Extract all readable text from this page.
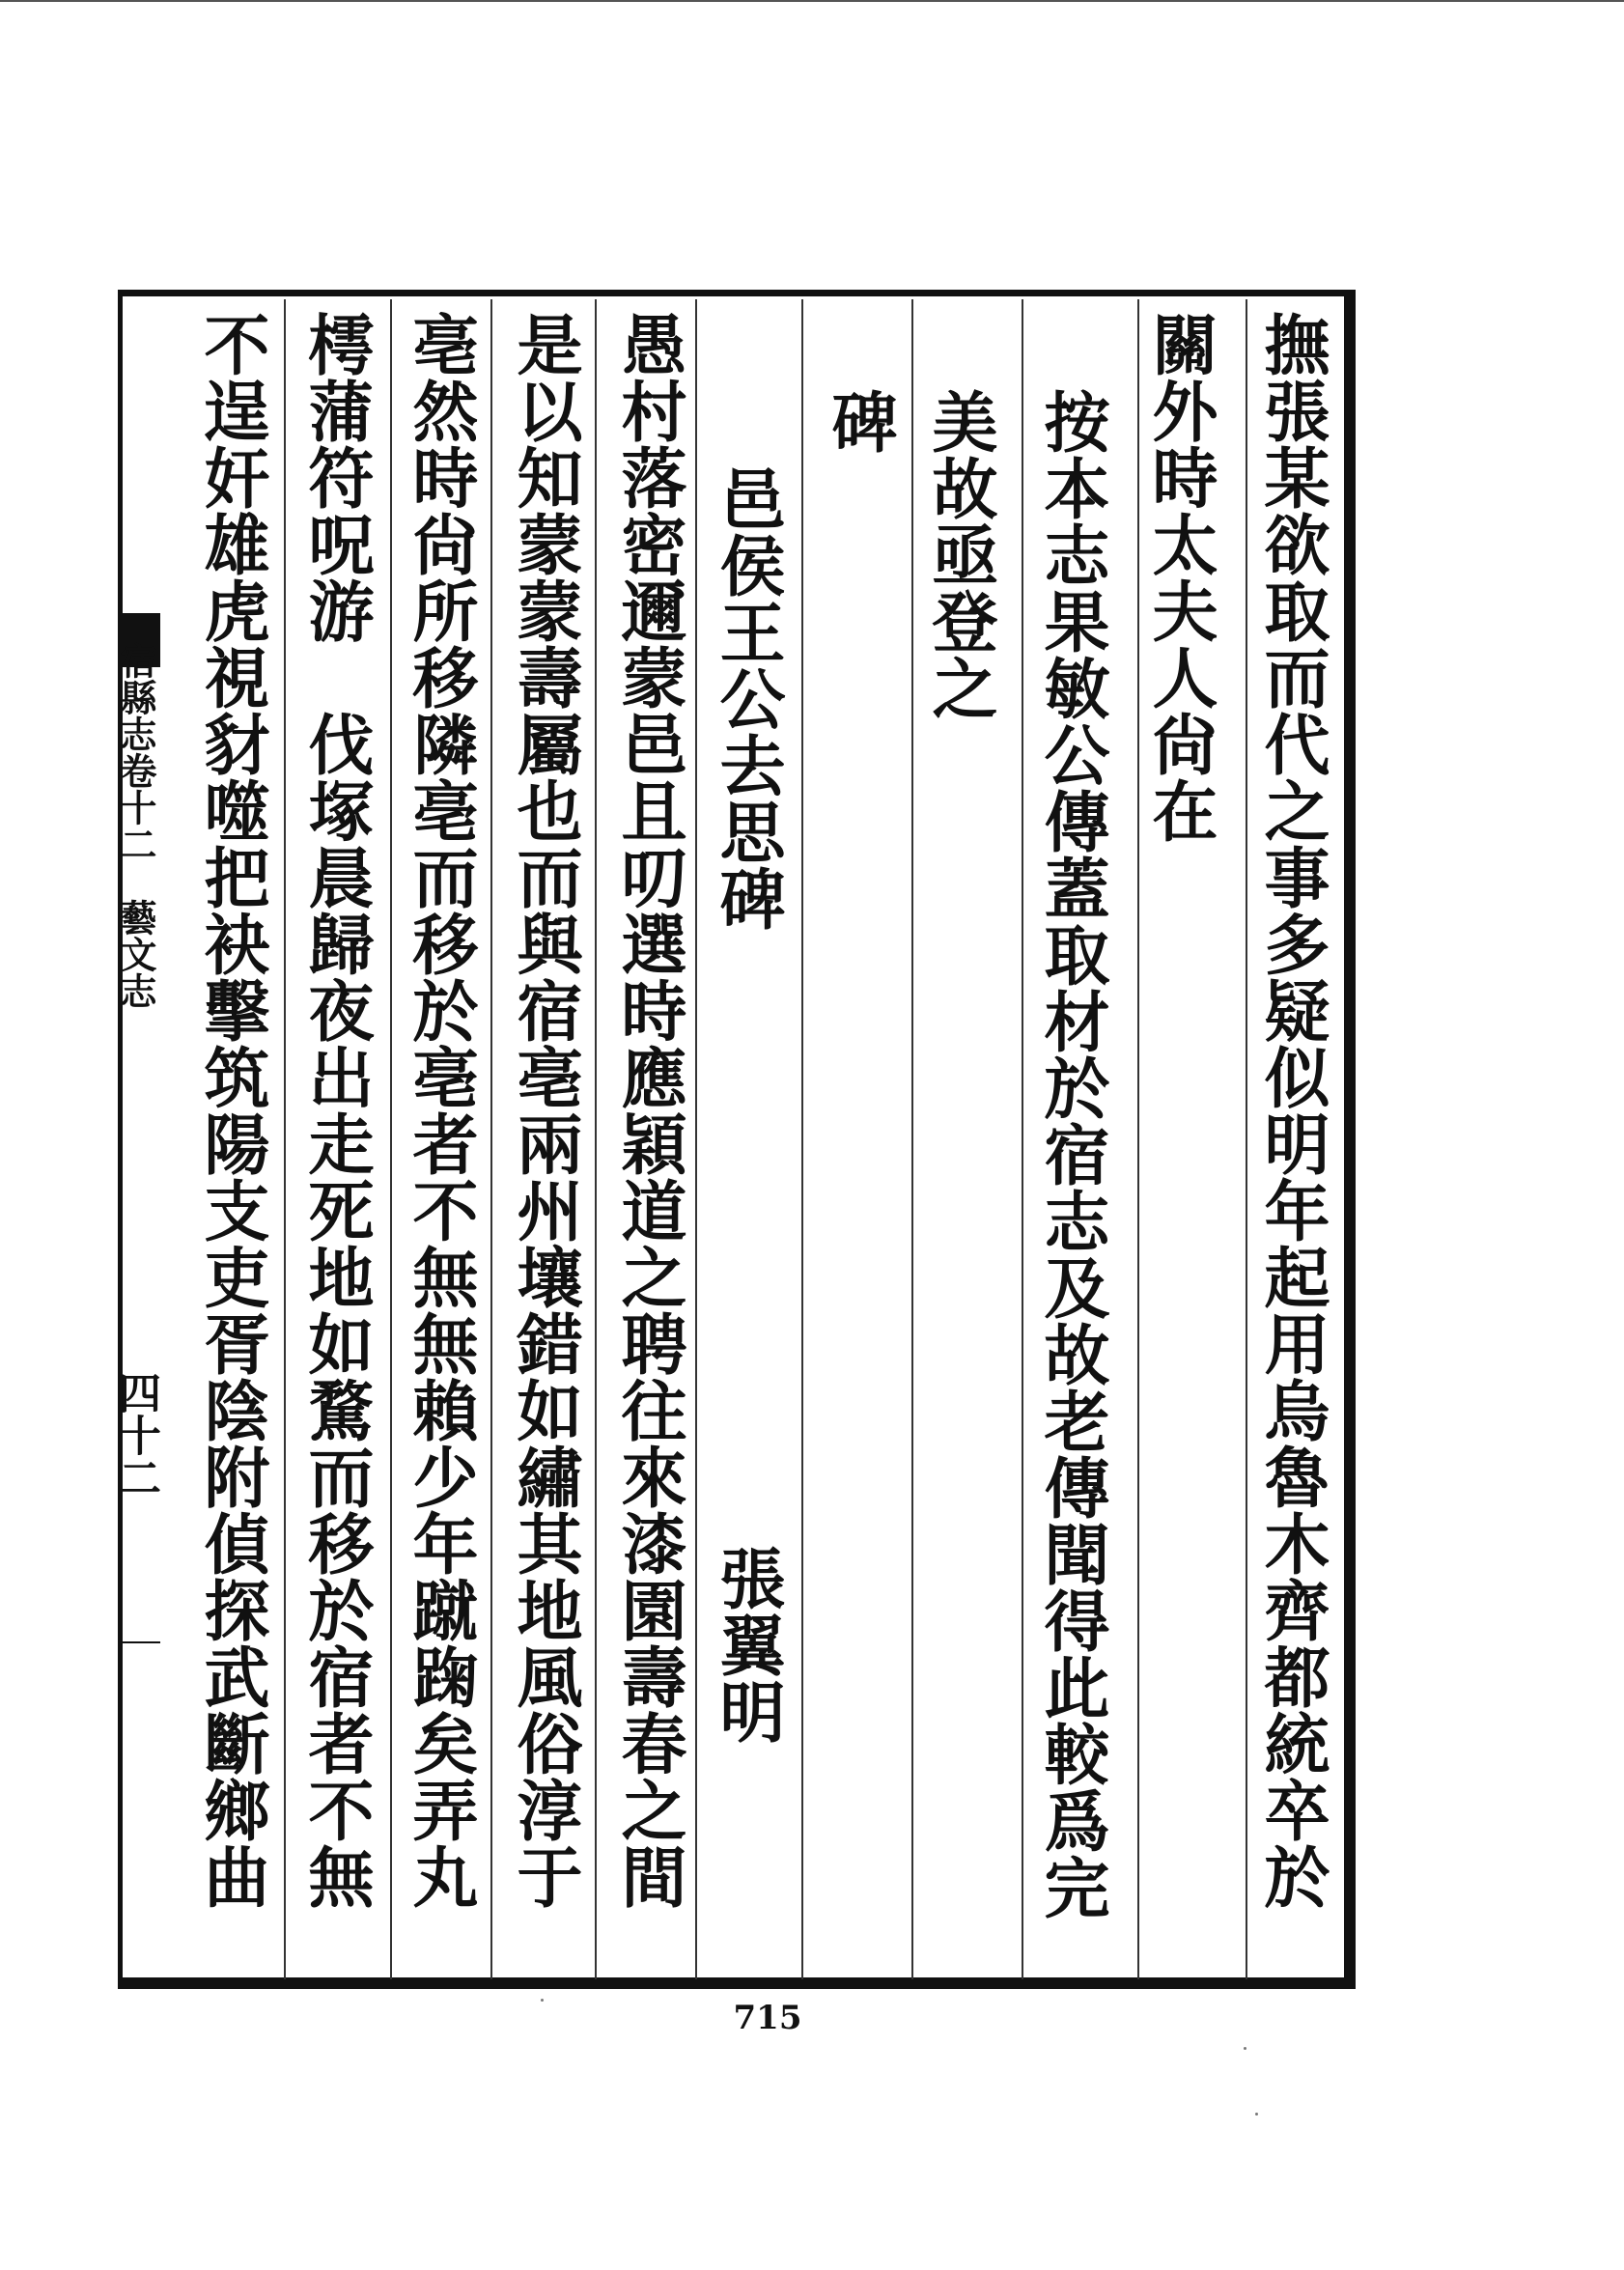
撫張某欲取而代之事多疑似明年起用烏魯木齊都統卒於
關外時太夫人尙在
按本志果敏公傳蓋取材於宿志及故老傳聞得此較爲完
美故亟登之
碑
邑侯王公去思碑
張翼明
愚村落密邇蒙邑且叨選時應穎道之聘往來漆園壽春之間
是以知蒙蒙壽屬也而與宿亳兩州壤錯如繡其地風俗淳于
亳然時尙所移隣亳而移於亳者不無無賴少年蹴踘矣弄丸
樗蒲符呪游　伐塚晨歸夜出走死地如騖而移於宿者不無
不逞奸雄虎視豺噬把袂擊筑陽支吏胥陰附偵探武斷鄉曲
宿縣志卷十二　藝文志
四十二
715
